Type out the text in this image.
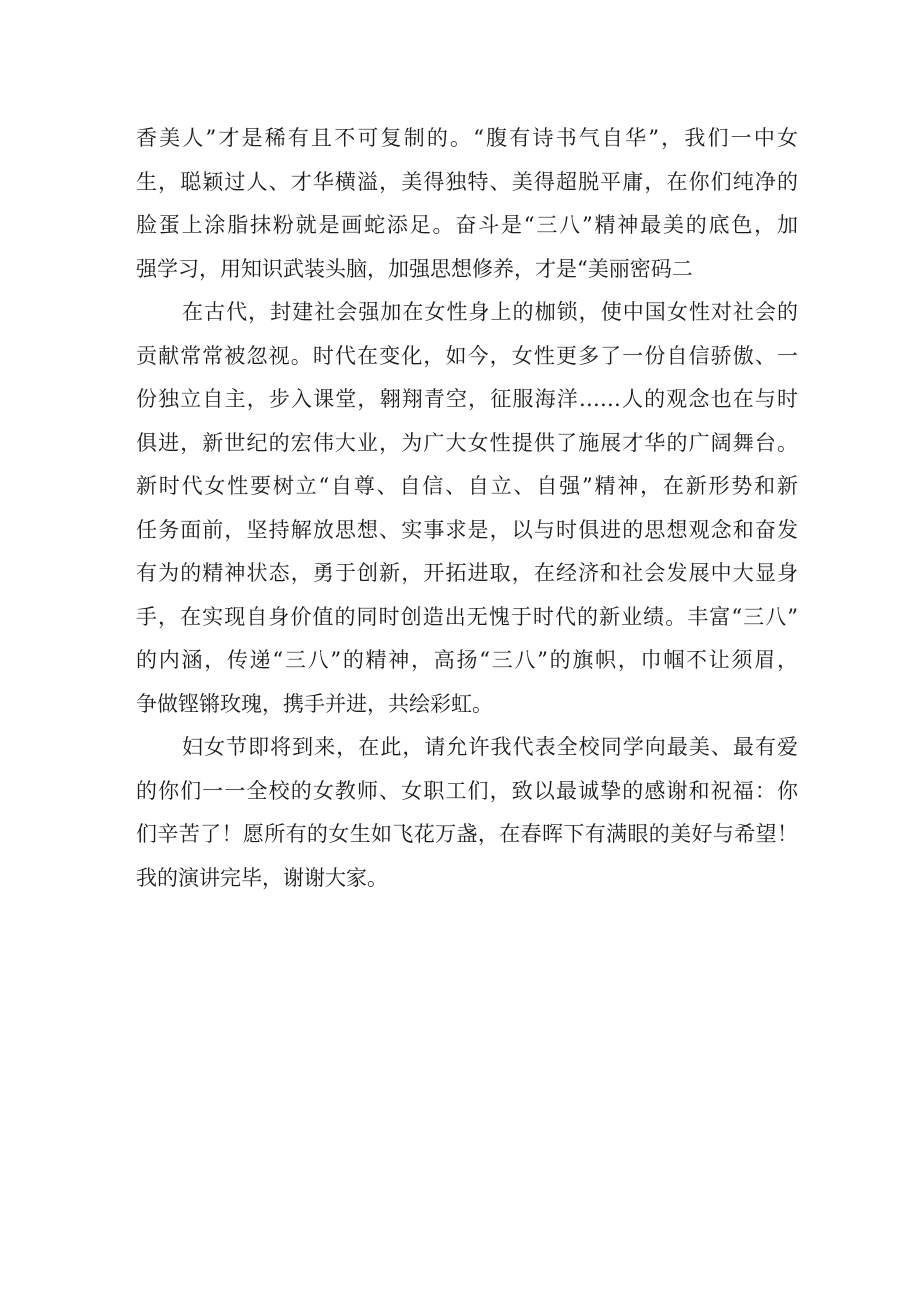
香美人”才是稀有且不可复制的。“腹有诗书气自华”，我们一中女
生，聪颖过人、才华横溢，美得独特、美得超脱平庸，在你们纯净的
脸蛋上涂脂抹粉就是画蛇添足。奋斗是“三八”精神最美的底色，加
强学习，用知识武装头脑，加强思想修养，才是“美丽密码二
在古代，封建社会强加在女性身上的枷锁，使中国女性对社会的
贡献常常被忽视。时代在变化，如今，女性更多了一份自信骄傲、一
份独立自主，步入课堂，翱翔青空，征服海洋……人的观念也在与时
俱进，新世纪的宏伟大业，为广大女性提供了施展才华的广阔舞台。
新时代女性要树立“自尊、自信、自立、自强”精神，在新形势和新
任务面前，坚持解放思想、实事求是，以与时俱进的思想观念和奋发
有为的精神状态，勇于创新，开拓进取，在经济和社会发展中大显身
手，在实现自身价值的同时创造出无愧于时代的新业绩。丰富“三八”
的内涵，传递“三八”的精神，高扬“三八”的旗帜，巾帼不让须眉，
争做铿锵玫瑰，携手并进，共绘彩虹。
妇女节即将到来，在此，请允许我代表全校同学向最美、最有爱
的你们一一全校的女教师、女职工们，致以最诚挚的感谢和祝福：你
们辛苦了！愿所有的女生如飞花万盏，在春晖下有满眼的美好与希望！
我的演讲完毕，谢谢大家。
